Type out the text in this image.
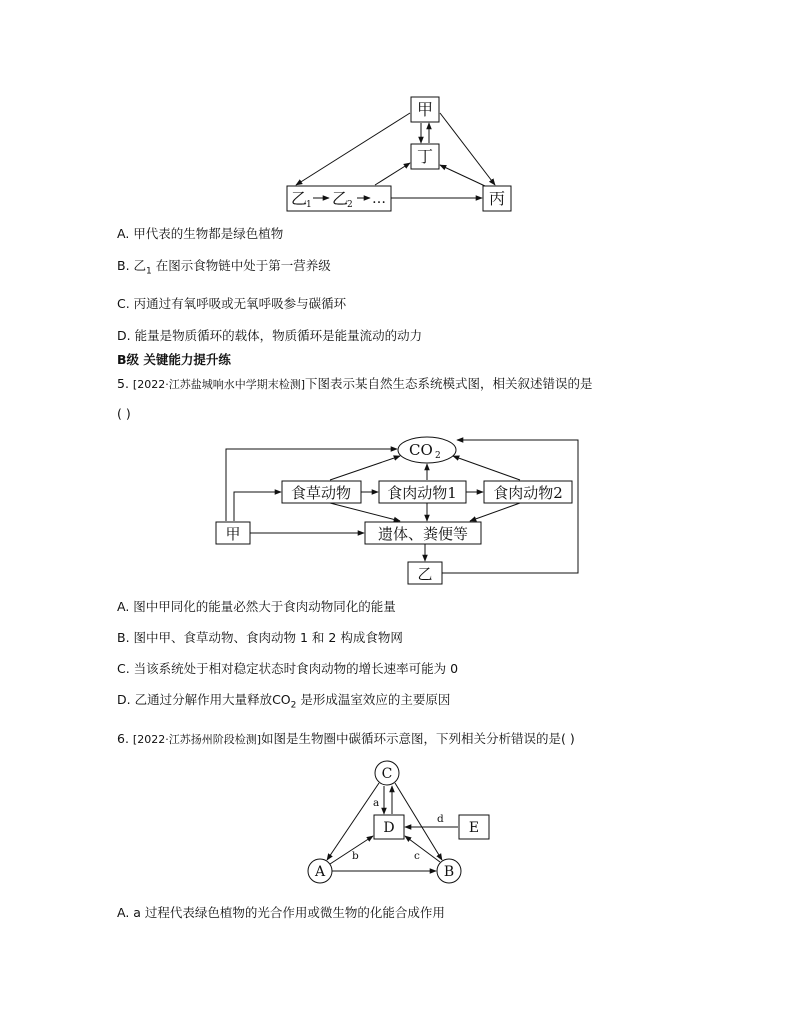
甲
丁
丙
乙
1 乙
2 …
CO 2
食草动物 食肉动物1 食肉动物2
甲	遗体、粪便等
乙
C
D	E
A	B
a
b	c
d
A. 甲代表的生物都是绿色植物
B. 乙$_1$ 在图示食物链中处于第一营养级
C. 丙通过有氧呼吸或无氧呼吸参与碳循环
D. 能量是物质循环的载体，物质循环是能量流动的动力
B级 关键能力提升练
5. [2022·江苏盐城响水中学期末检测]下图表示某自然生态系统模式图，相关叙述错误的是
( )
A. 图中甲同化的能量必然大于食肉动物同化的能量
B. 图中甲、食草动物、食肉动物 1 和 2 构成食物网
C. 当该系统处于相对稳定状态时食肉动物的增长速率可能为 0
D. 乙通过分解作用大量释放$CO_2$ 是形成温室效应的主要原因
6. [2022·江苏扬州阶段检测]如图是生物圈中碳循环示意图，下列相关分析错误的是( )
A. a 过程代表绿色植物的光合作用或微生物的化能合成作用
